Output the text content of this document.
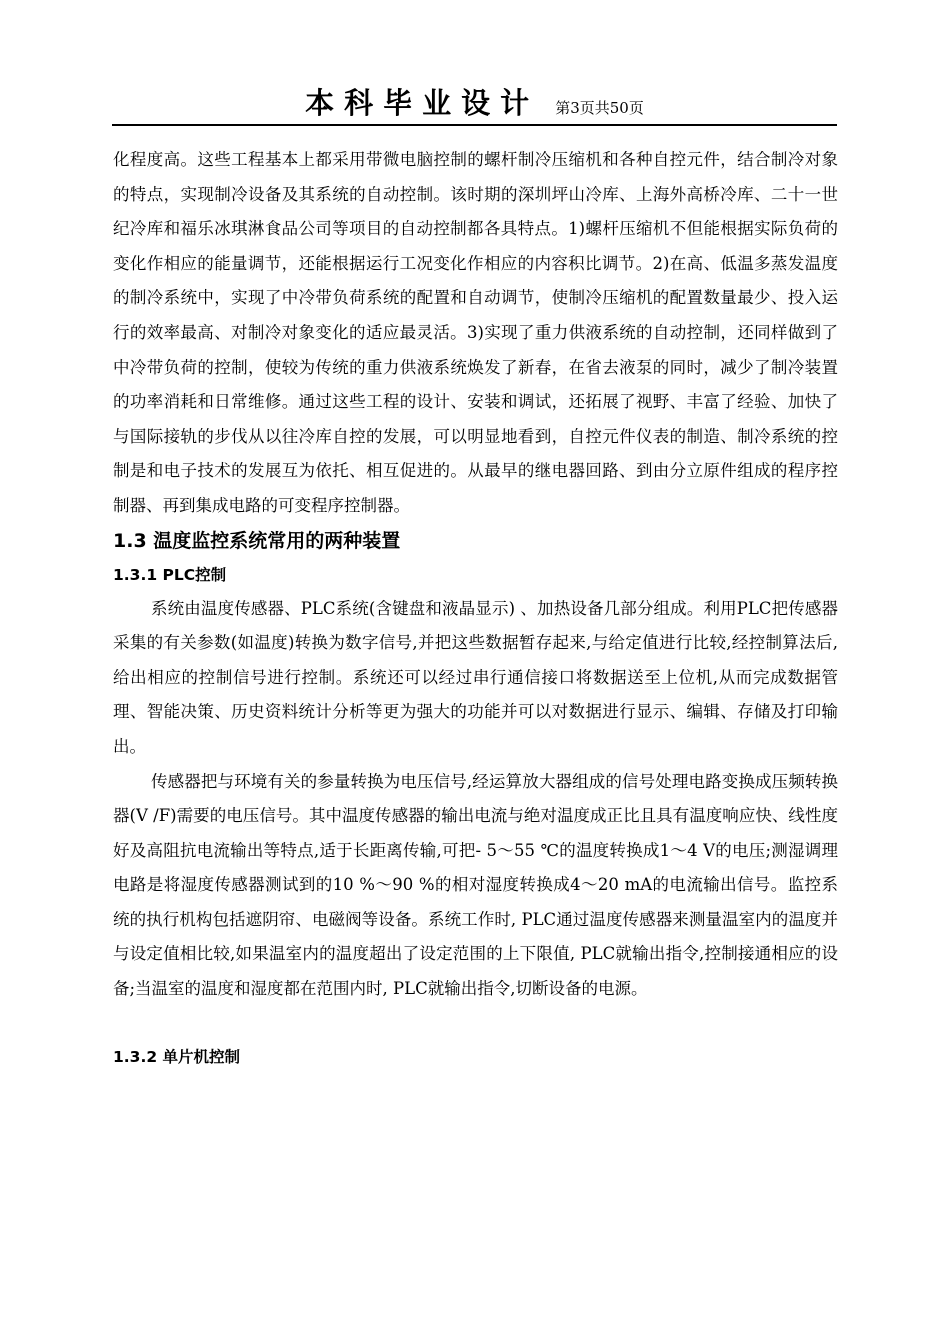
本科毕业设计 第3页共50页

化程度高。这些工程基本上都采用带微电脑控制的螺杆制冷压缩机和各种自控元件，结合制冷对象的特点，实现制冷设备及其系统的自动控制。该时期的深圳坪山冷库、上海外高桥冷库、二十一世纪冷库和福乐冰琪淋食品公司等项目的自动控制都各具特点。1)螺杆压缩机不但能根据实际负荷的变化作相应的能量调节，还能根据运行工况变化作相应的内容积比调节。2)在高、低温多蒸发温度的制冷系统中，实现了中冷带负荷系统的配置和自动调节，使制冷压缩机的配置数量最少、投入运行的效率最高、对制冷对象变化的适应最灵活。3)实现了重力供液系统的自动控制，还同样做到了中冷带负荷的控制，使较为传统的重力供液系统焕发了新春，在省去液泵的同时，减少了制冷装置的功率消耗和日常维修。通过这些工程的设计、安装和调试，还拓展了视野、丰富了经验、加快了与国际接轨的步伐从以往冷库自控的发展，可以明显地看到，自控元件仪表的制造、制冷系统的控制是和电子技术的发展互为依托、相互促进的。从最早的继电器回路、到由分立原件组成的程序控制器、再到集成电路的可变程序控制器。

1.3 温度监控系统常用的两种装置
1.3.1 PLC控制

系统由温度传感器、PLC系统(含键盘和液晶显示) 、加热设备几部分组成。利用PLC把传感器采集的有关参数(如温度)转换为数字信号,并把这些数据暂存起来,与给定值进行比较,经控制算法后,给出相应的控制信号进行控制。系统还可以经过串行通信接口将数据送至上位机,从而完成数据管理、智能决策、历史资料统计分析等更为强大的功能并可以对数据进行显示、编辑、存储及打印输出。

传感器把与环境有关的参量转换为电压信号,经运算放大器组成的信号处理电路变换成压频转换器(V /F)需要的电压信号。其中温度传感器的输出电流与绝对温度成正比且具有温度响应快、线性度好及高阻抗电流输出等特点,适于长距离传输,可把- 5～55 ℃的温度转换成1～4 V的电压;测湿调理电路是将湿度传感器测试到的10 %～90 %的相对湿度转换成4～20 mA的电流输出信号。监控系统的执行机构包括遮阴帘、电磁阀等设备。系统工作时, PLC通过温度传感器来测量温室内的温度并与设定值相比较,如果温室内的温度超出了设定范围的上下限值, PLC就输出指令,控制接通相应的设备;当温室的温度和湿度都在范围内时, PLC就输出指令,切断设备的电源。

1.3.2 单片机控制
